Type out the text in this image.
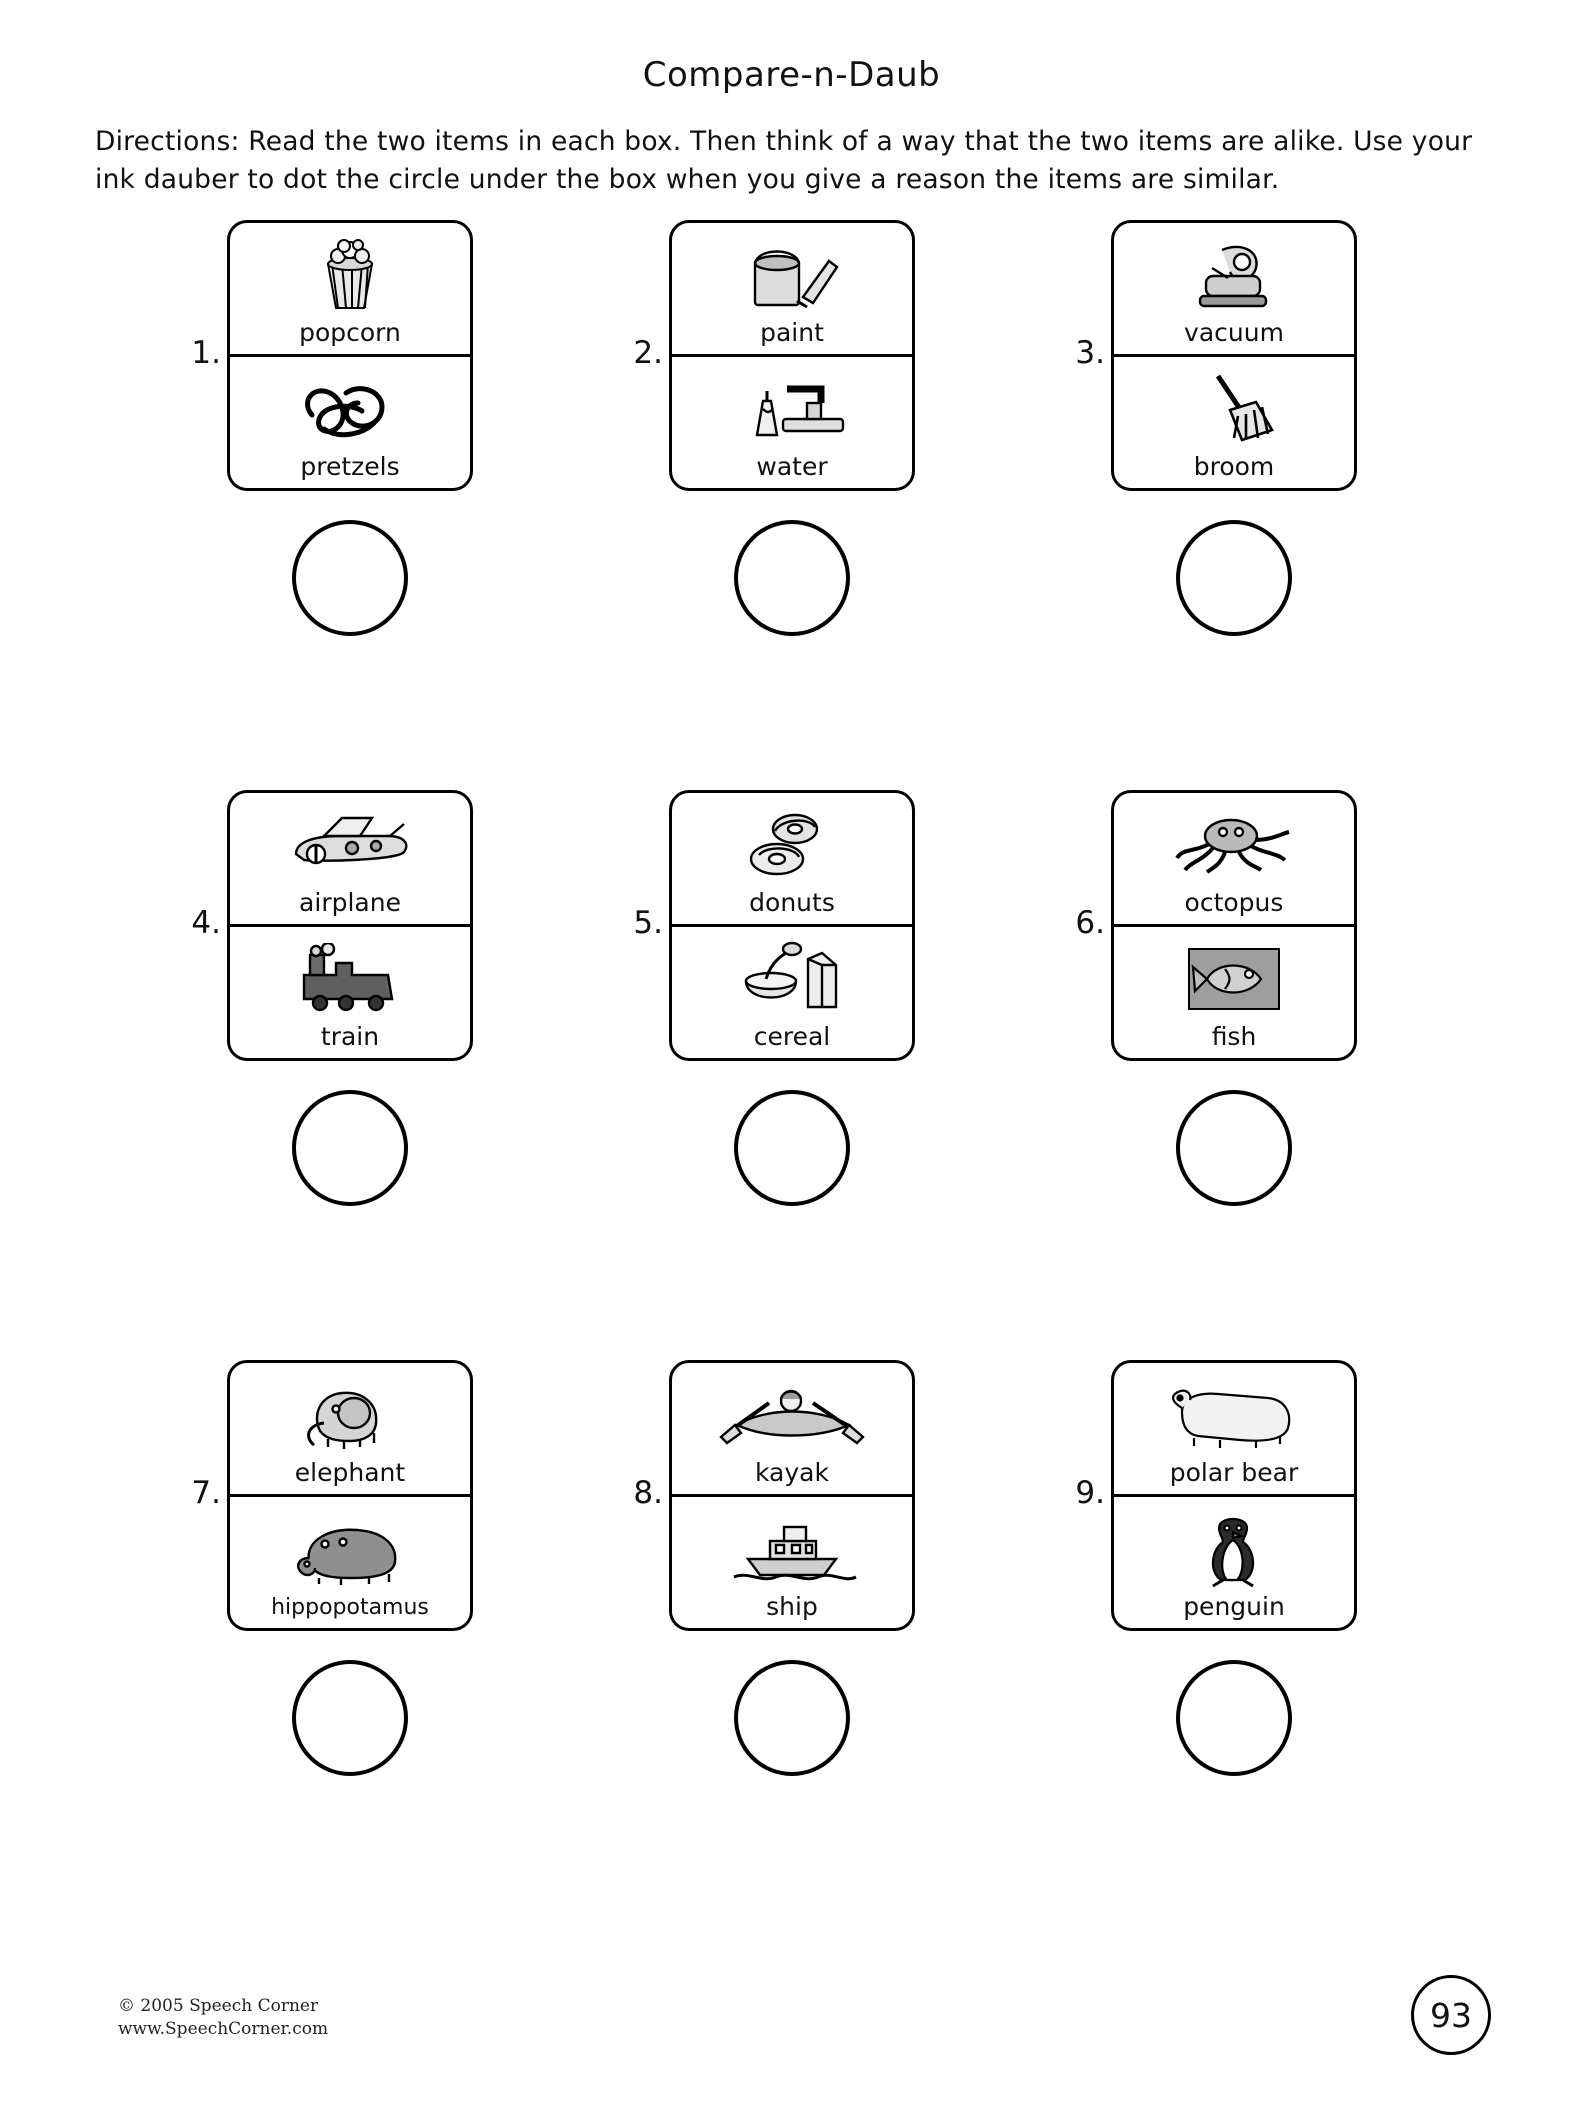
Compare-n-Daub
Directions: Read the two items in each box. Then think of a way that the two items are alike. Use your ink dauber to dot the circle under the box when you give a reason the items are similar.
1.
popcorn
pretzels
2.
paint
water
3.
vacuum
broom
4.
airplane
train
5.
donuts
cereal
6.
octopus
fish
7.
elephant
hippopotamus
8.
kayak
ship
9.
polar bear
penguin
© 2005 Speech Corner
www.SpeechCorner.com	93
